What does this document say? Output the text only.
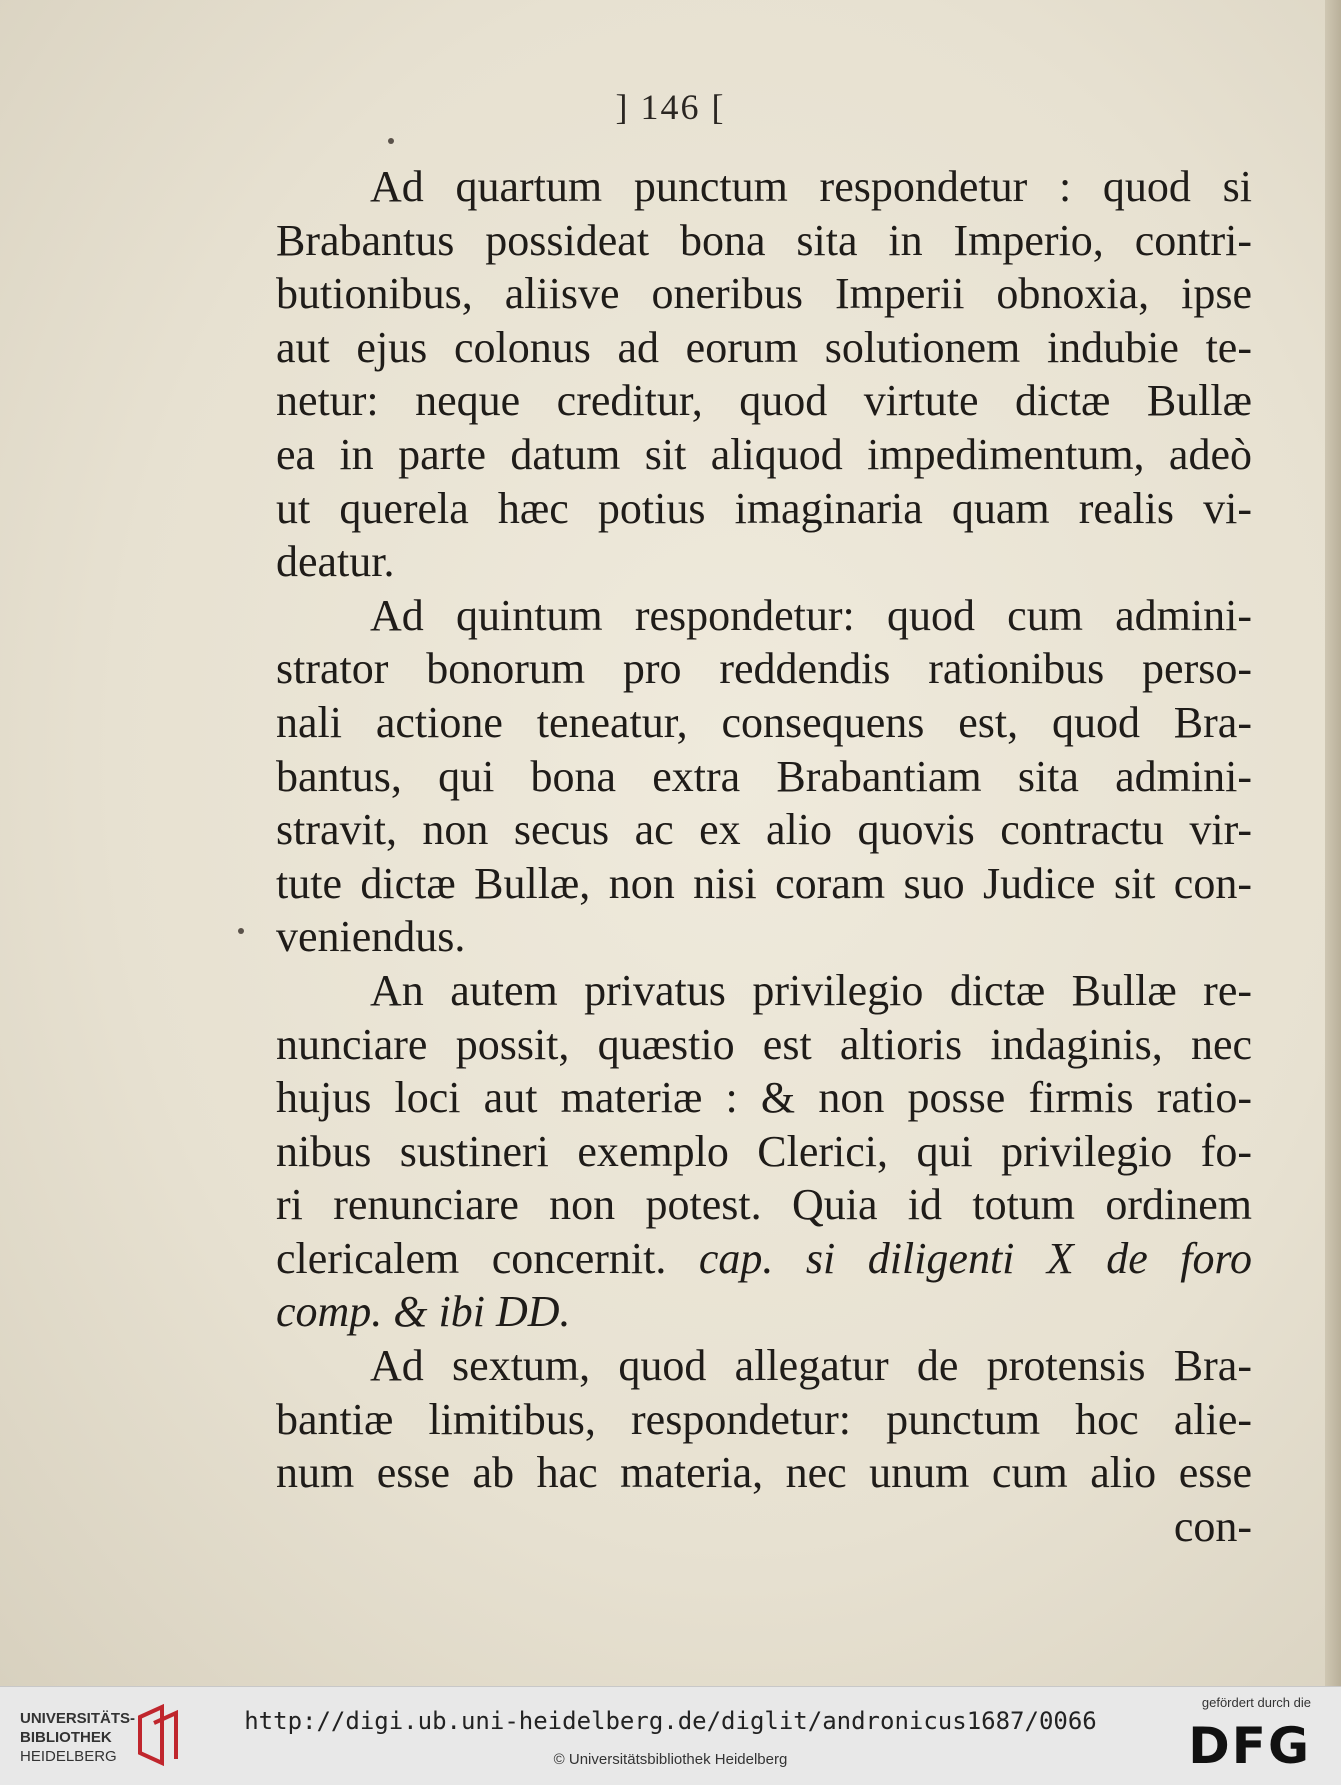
] 146 [
Ad quartum punctum respondetur : quod si
Brabantus possideat bona sita in Imperio, contri-
butionibus, aliisve oneribus Imperii obnoxia, ipse
aut ejus colonus ad eorum solutionem indubie te-
netur: neque creditur, quod virtute dictæ Bullæ
ea in parte datum sit aliquod impedimentum, adeò
ut querela hæc potius imaginaria quam realis vi-
deatur.
Ad quintum respondetur: quod cum admini-
strator bonorum pro reddendis rationibus perso-
nali actione teneatur, consequens est, quod Bra-
bantus, qui bona extra Brabantiam sita admini-
stravit, non secus ac ex alio quovis contractu vir-
tute dictæ Bullæ, non nisi coram suo Judice sit con-
veniendus.
An autem privatus privilegio dictæ Bullæ re-
nunciare possit, quæstio est altioris indaginis, nec
hujus loci aut materiæ : & non posse firmis ratio-
nibus sustineri exemplo Clerici, qui privilegio fo-
ri renunciare non potest. Quia id totum ordinem
clericalem concernit. cap. si diligenti X de foro
comp. & ibi DD.
Ad sextum, quod allegatur de protensis Bra-
bantiæ limitibus, respondetur: punctum hoc alie-
num esse ab hac materia, nec unum cum alio esse
con-
UNIVERSITÄTS-
BIBLIOTHEK
HEIDELBERG
http://digi.ub.uni-heidelberg.de/diglit/andronicus1687/0066
© Universitätsbibliothek Heidelberg
gefördert durch die
DFG
